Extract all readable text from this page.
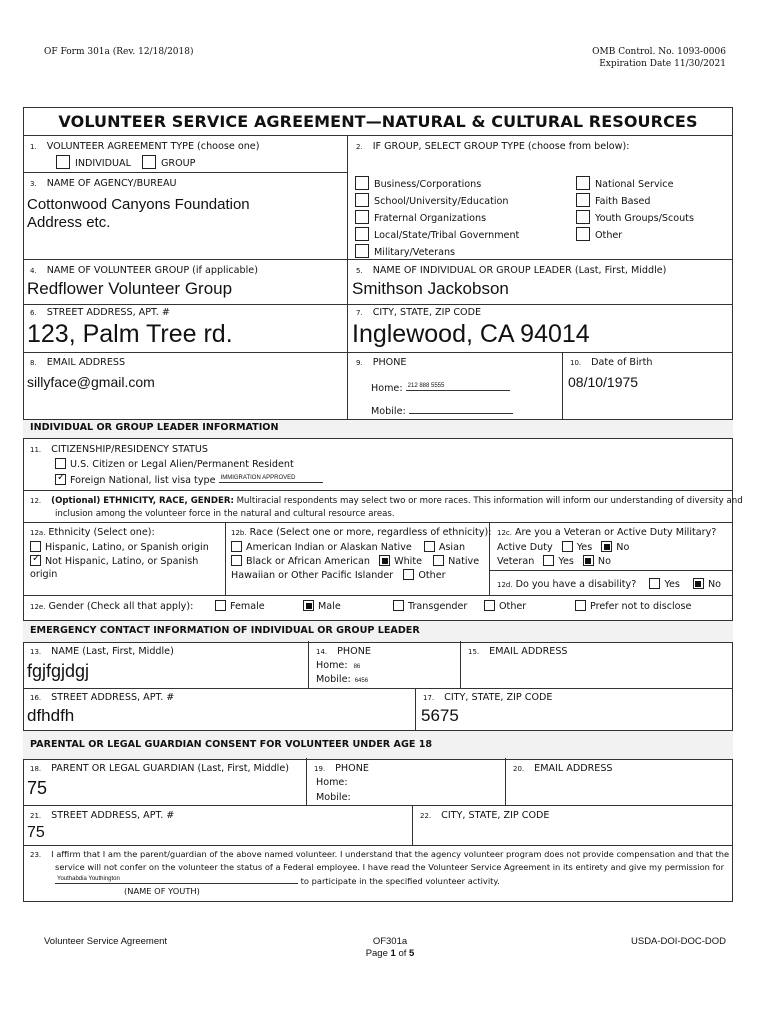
OF Form 301a (Rev. 12/18/2018)	OMB Control. No. 1093-0006
Expiration Date 11/30/2021
VOLUNTEER SERVICE AGREEMENT—NATURAL & CULTURAL RESOURCES
1. VOLUNTEER AGREEMENT TYPE (choose one)
INDIVIDUAL	GROUP
2. IF GROUP, SELECT GROUP TYPE (choose from below):
3. NAME OF AGENCY/BUREAU
Cottonwood Canyons Foundation
Address etc.
Business/Corporations
School/University/Education
Fraternal Organizations
Local/State/Tribal Government
Military/Veterans
National Service
Faith Based
Youth Groups/Scouts
Other
4. NAME OF VOLUNTEER GROUP (if applicable)
Redflower Volunteer Group
5. NAME OF INDIVIDUAL OR GROUP LEADER (Last, First, Middle)
Smithson Jackobson
6. STREET ADDRESS, APT. #
123, Palm Tree rd.
7. CITY, STATE, ZIP CODE
Inglewood, CA 94014
8. EMAIL ADDRESS
sillyface@gmail.com
9. PHONE
Home: 212 888 5555
Mobile:
10. Date of Birth
08/10/1975
INDIVIDUAL OR GROUP LEADER INFORMATION
11. CITIZENSHIP/RESIDENCY STATUS
U.S. Citizen or Legal Alien/Permanent Resident
✓Foreign National, list visa type IMMIGRATION APPROVED
12. (Optional) ETHNICITY, RACE, GENDER: Multiracial respondents may select two or more races. This information will inform our understanding of diversity and
inclusion among the volunteer force in the natural and cultural resource areas.
12a. Ethnicity (Select one):
Hispanic, Latino, or Spanish origin
✓Not Hispanic, Latino, or Spanish
origin
12b. Race (Select one or more, regardless of ethnicity):
American Indian or Alaskan Native	Asian
Black or African American	White	Native
Hawaiian or Other Pacific Islander	Other
12c. Are you a Veteran or Active Duty Military?
Active Duty	Yes	No
Veteran	Yes	No
12d. Do you have a disability?	Yes	No
12e. Gender (Check all that apply):	Female	Male	Transgender	Other	Prefer not to disclose
EMERGENCY CONTACT INFORMATION OF INDIVIDUAL OR GROUP LEADER
13. NAME (Last, First, Middle)
fgjfgjdgj
14. PHONE
Home: 86
Mobile: 6456
15. EMAIL ADDRESS
16. STREET ADDRESS, APT. #
dfhdfh
17. CITY, STATE, ZIP CODE
5675
PARENTAL OR LEGAL GUARDIAN CONSENT FOR VOLUNTEER UNDER AGE 18
18. PARENT OR LEGAL GUARDIAN (Last, First, Middle)
75
19. PHONE
Home:
Mobile:
20. EMAIL ADDRESS
21. STREET ADDRESS, APT. #
75
22. CITY, STATE, ZIP CODE
23. I affirm that I am the parent/guardian of the above named volunteer. I understand that the agency volunteer program does not provide compensation and that the
service will not confer on the volunteer the status of a Federal employee. I have read the Volunteer Service Agreement in its entirety and give my permission for
Youthabdia Youthington	to participate in the specified volunteer activity.
(NAME OF YOUTH)
Volunteer Service Agreement	OF301a
Page 1 of 5
USDA-DOI-DOC-DOD
